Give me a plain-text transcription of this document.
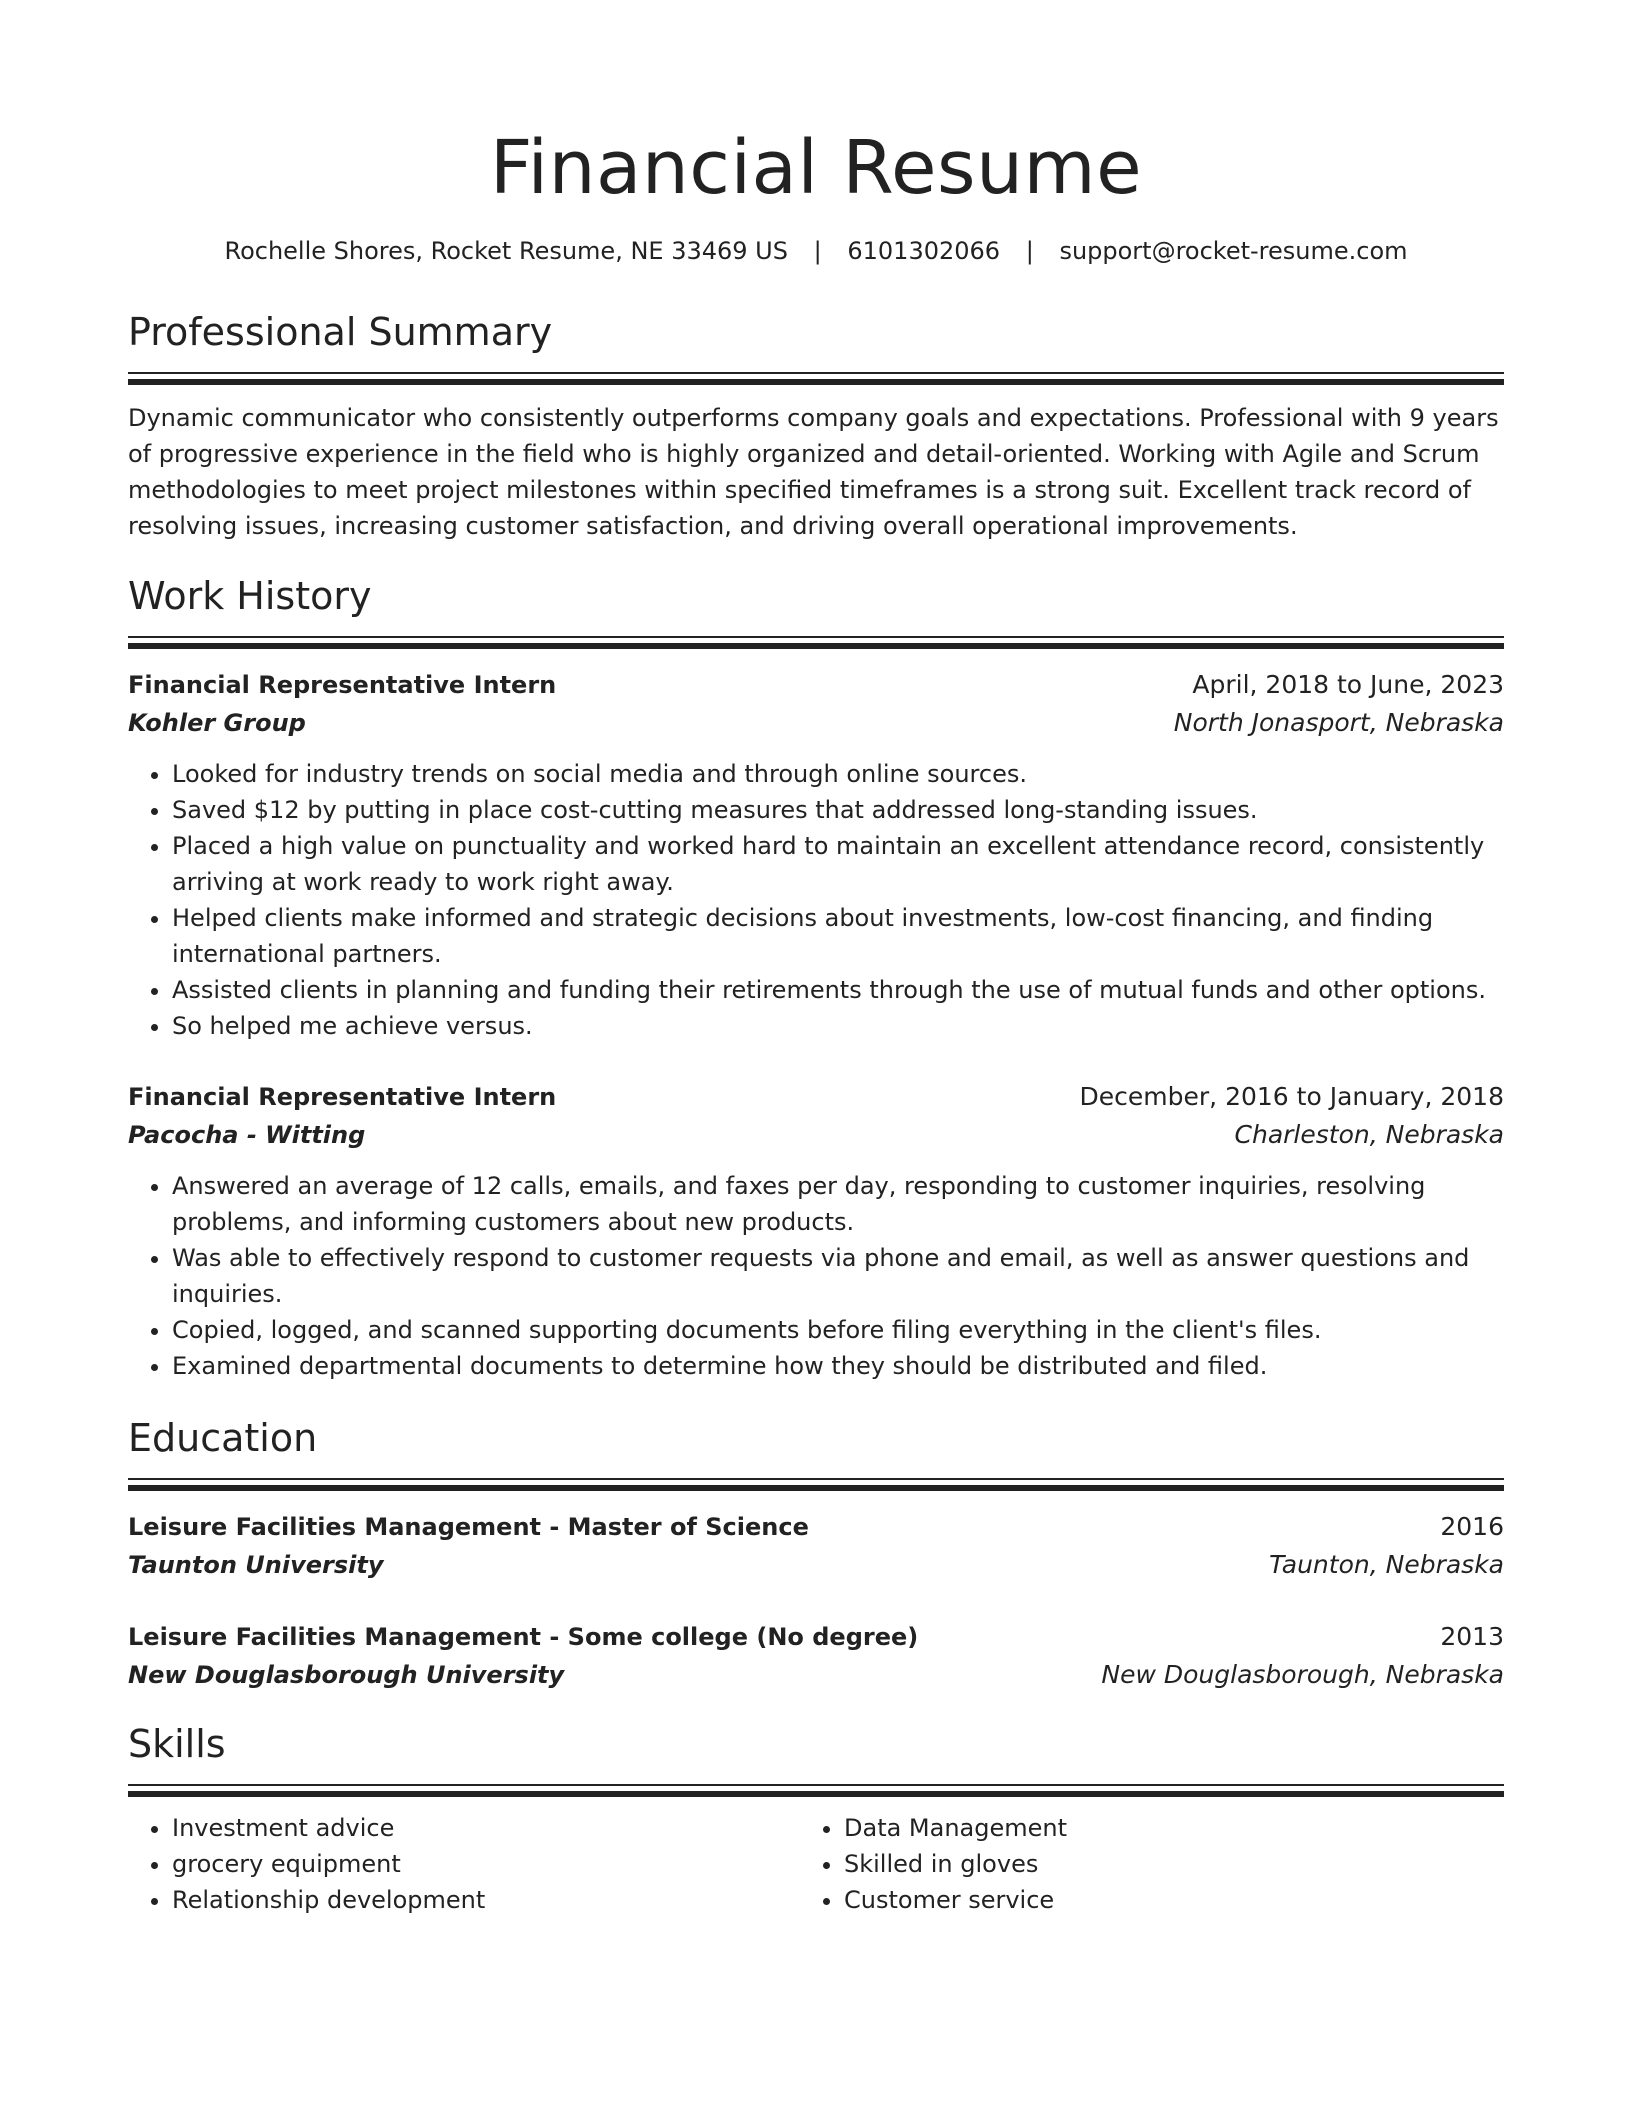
Financial Resume
Rochelle Shores, Rocket Resume, NE 33469 US | 6101302066 | support@rocket-resume.com
Professional Summary
Dynamic communicator who consistently outperforms company goals and expectations. Professional with 9 years of progressive experience in the field who is highly organized and detail-oriented. Working with Agile and Scrum methodologies to meet project milestones within specified timeframes is a strong suit. Excellent track record of resolving issues, increasing customer satisfaction, and driving overall operational improvements.
Work History
Financial Representative Intern	April, 2018 to June, 2023
Kohler Group	North Jonasport, Nebraska
• Looked for industry trends on social media and through online sources.
• Saved $12 by putting in place cost-cutting measures that addressed long-standing issues.
• Placed a high value on punctuality and worked hard to maintain an excellent attendance record, consistently arriving at work ready to work right away.
• Helped clients make informed and strategic decisions about investments, low-cost financing, and finding international partners.
• Assisted clients in planning and funding their retirements through the use of mutual funds and other options.
• So helped me achieve versus.
Financial Representative Intern	December, 2016 to January, 2018
Pacocha - Witting	Charleston, Nebraska
• Answered an average of 12 calls, emails, and faxes per day, responding to customer inquiries, resolving problems, and informing customers about new products.
• Was able to effectively respond to customer requests via phone and email, as well as answer questions and inquiries.
• Copied, logged, and scanned supporting documents before filing everything in the client's files.
• Examined departmental documents to determine how they should be distributed and filed.
Education
Leisure Facilities Management - Master of Science	2016
Taunton University	Taunton, Nebraska
Leisure Facilities Management - Some college (No degree)	2013
New Douglasborough University	New Douglasborough, Nebraska
Skills
• Investment advice
• grocery equipment
• Relationship development
• Data Management
• Skilled in gloves
• Customer service
